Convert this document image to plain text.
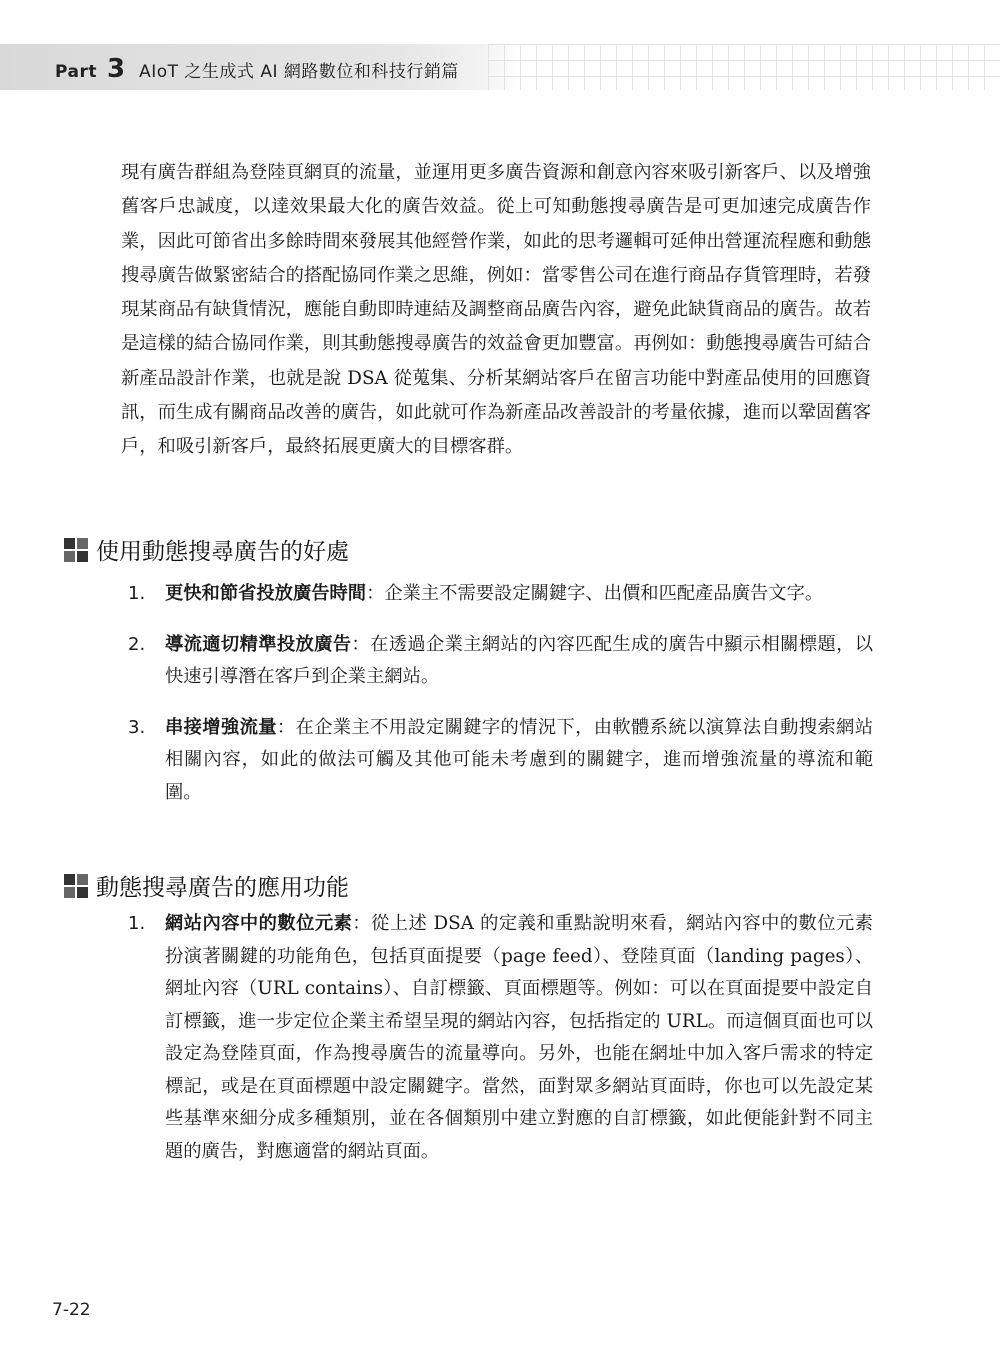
Part 3 AIoT 之生成式 AI 網路數位和科技行銷篇

現有廣告群組為登陸頁網頁的流量，並運用更多廣告資源和創意內容來吸引新客戶、以及增強舊客戶忠誠度，以達效果最大化的廣告效益。從上可知動態搜尋廣告是可更加速完成廣告作業，因此可節省出多餘時間來發展其他經營作業，如此的思考邏輯可延伸出營運流程應和動態搜尋廣告做緊密結合的搭配協同作業之思維，例如：當零售公司在進行商品存貨管理時，若發現某商品有缺貨情況，應能自動即時連結及調整商品廣告內容，避免此缺貨商品的廣告。故若是這樣的結合協同作業，則其動態搜尋廣告的效益會更加豐富。再例如：動態搜尋廣告可結合新產品設計作業，也就是說 DSA 從蒐集、分析某網站客戶在留言功能中對產品使用的回應資訊，而生成有關商品改善的廣告，如此就可作為新產品改善設計的考量依據，進而以鞏固舊客戶，和吸引新客戶，最終拓展更廣大的目標客群。

使用動態搜尋廣告的好處
1. 更快和節省投放廣告時間：企業主不需要設定關鍵字、出價和匹配產品廣告文字。

2. 導流適切精準投放廣告：在透過企業主網站的內容匹配生成的廣告中顯示相關標題，以快速引導潛在客戶到企業主網站。

3. 串接增強流量：在企業主不用設定關鍵字的情況下，由軟體系統以演算法自動搜索網站相關內容，如此的做法可觸及其他可能未考慮到的關鍵字，進而增強流量的導流和範圍。

動態搜尋廣告的應用功能
1. 網站內容中的數位元素：從上述 DSA 的定義和重點說明來看，網站內容中的數位元素扮演著關鍵的功能角色，包括頁面提要（page feed）、登陸頁面（landing pages）、網址內容（URL contains）、自訂標籤、頁面標題等。例如：可以在頁面提要中設定自訂標籤，進一步定位企業主希望呈現的網站內容，包括指定的 URL。而這個頁面也可以設定為登陸頁面，作為搜尋廣告的流量導向。另外，也能在網址中加入客戶需求的特定標記，或是在頁面標題中設定關鍵字。當然，面對眾多網站頁面時，你也可以先設定某些基準來細分成多種類別，並在各個類別中建立對應的自訂標籤，如此便能針對不同主題的廣告，對應適當的網站頁面。

7-22
